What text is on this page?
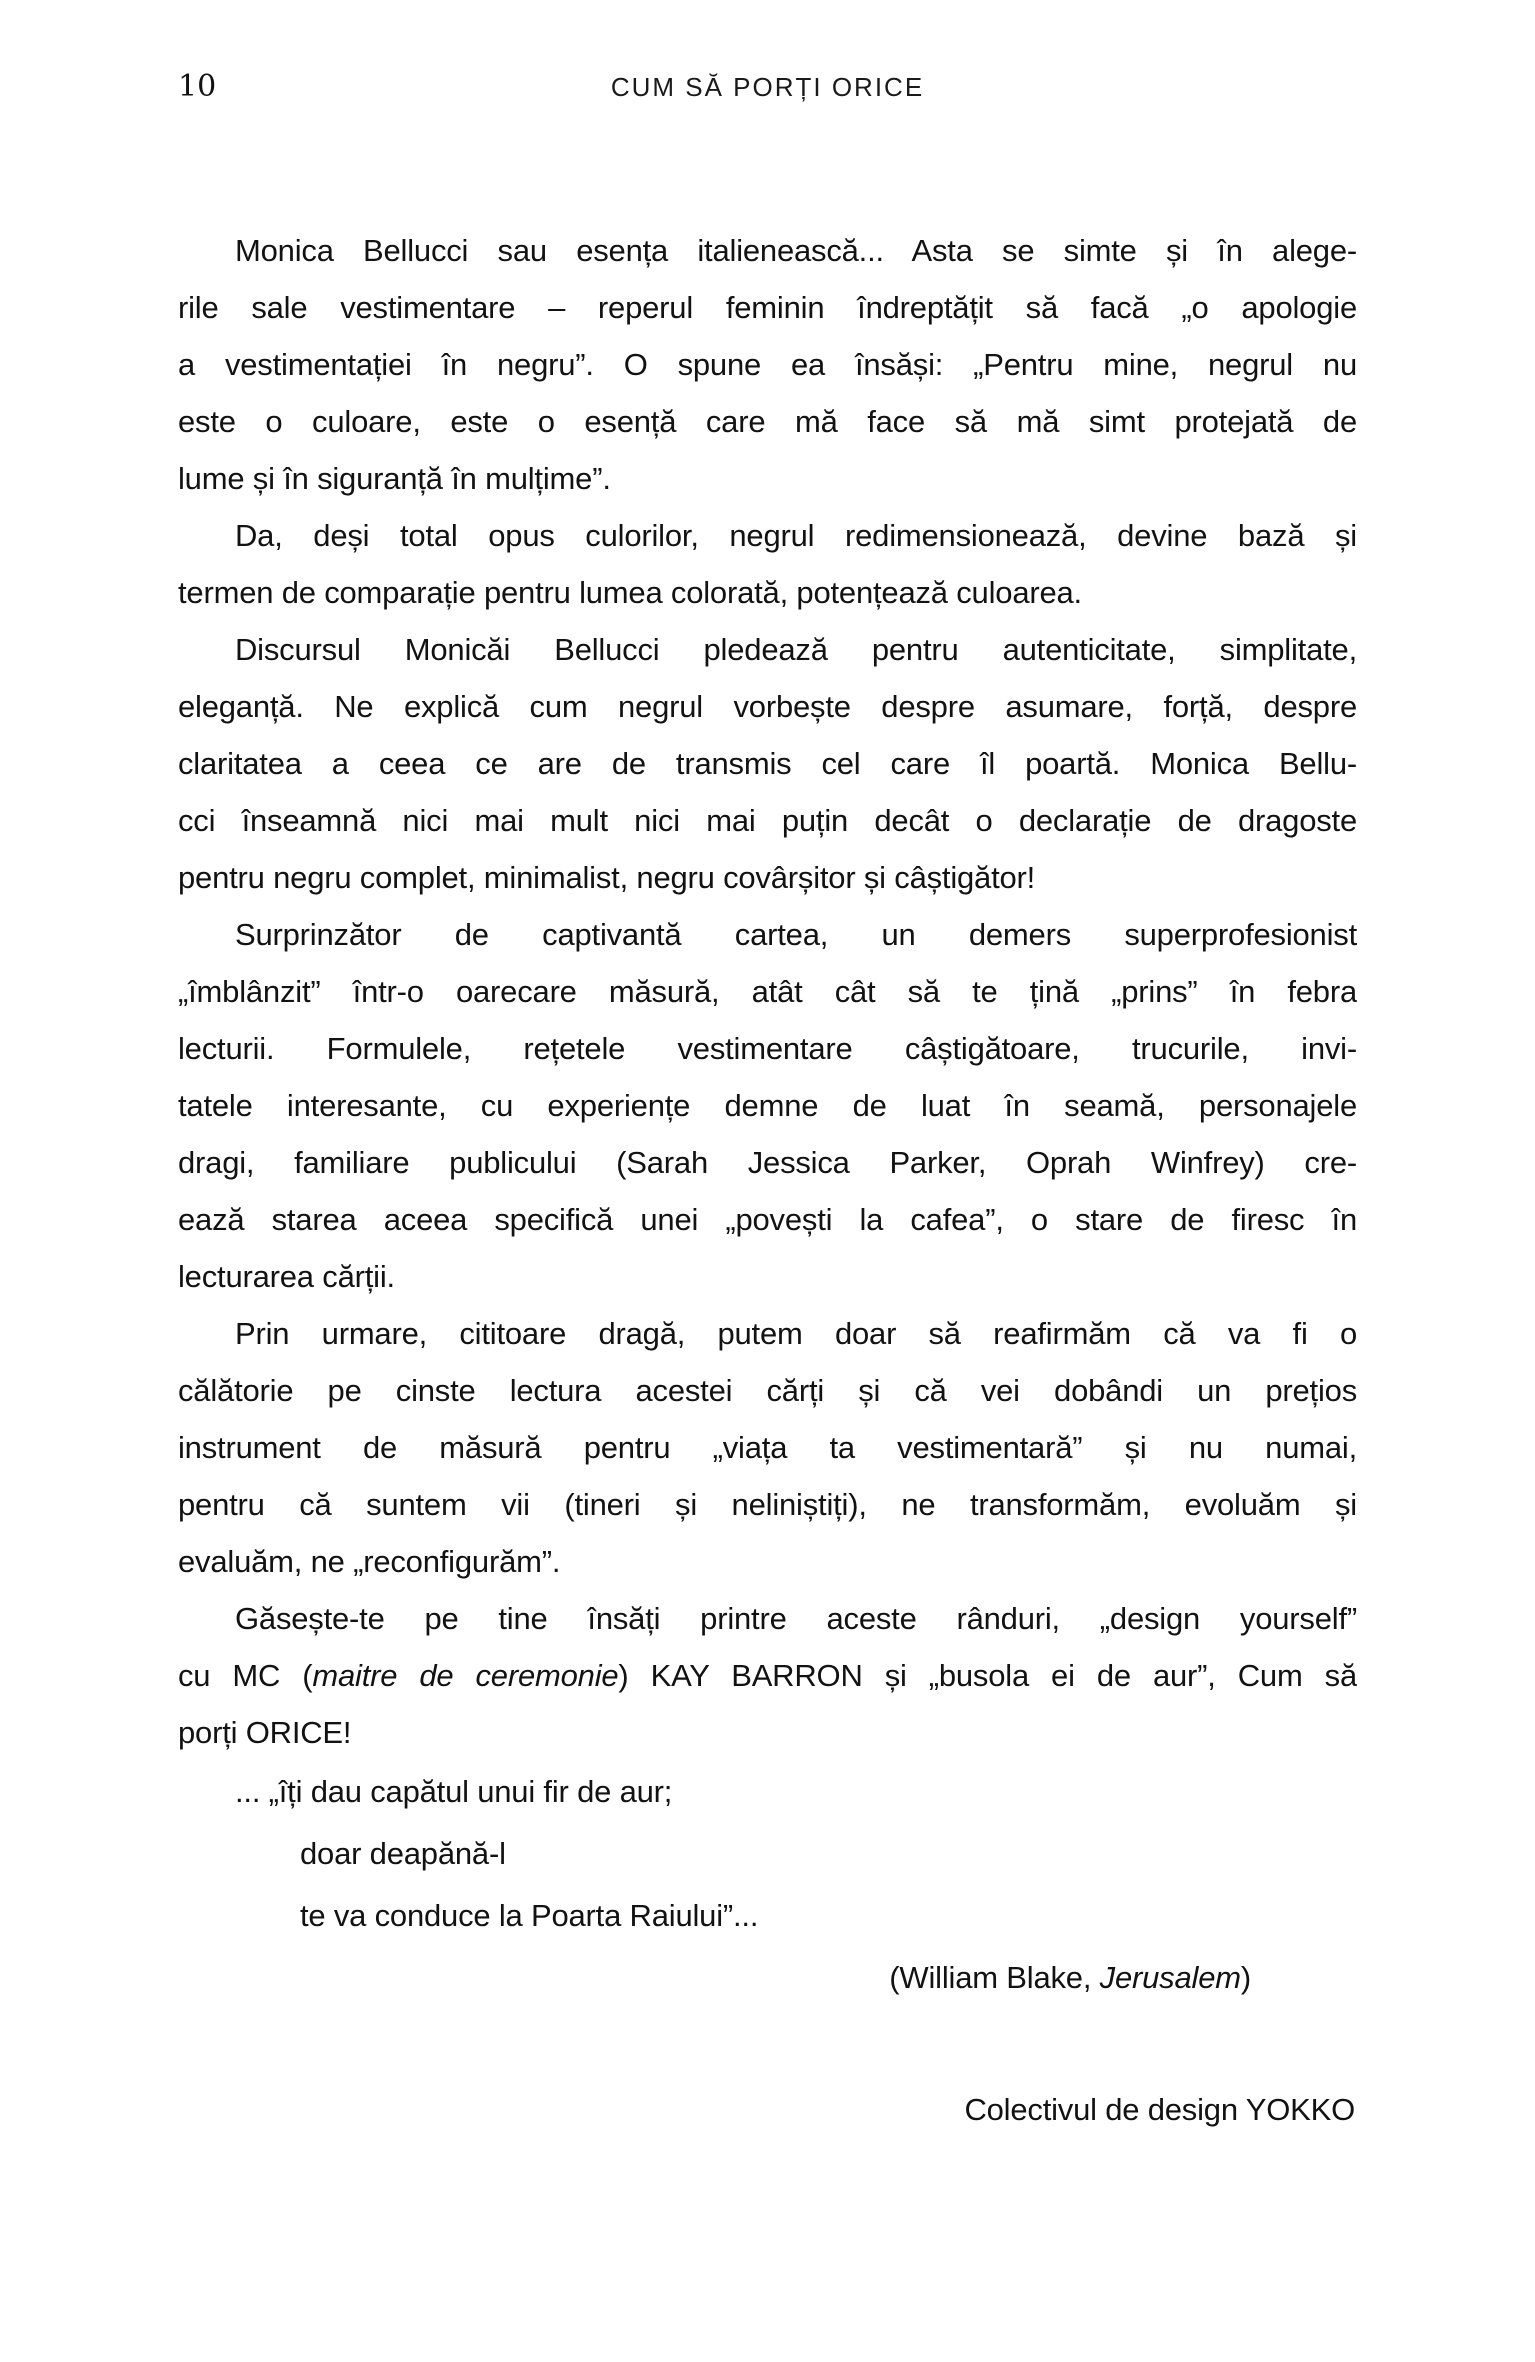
10	CUM SĂ PORȚI ORICE
Monica Bellucci sau esența italienească... Asta se simte și în alege-
rile sale vestimentare – reperul feminin îndreptățit să facă „o apologie
a vestimentației în negru”. O spune ea însăși: „Pentru mine, negrul nu
este o culoare, este o esență care mă face să mă simt protejată de
lume și în siguranță în mulțime”.
Da, deși total opus culorilor, negrul redimensionează, devine bază și
termen de comparație pentru lumea colorată, potențează culoarea.
Discursul Monicăi Bellucci pledează pentru autenticitate, simplitate,
eleganță. Ne explică cum negrul vorbește despre asumare, forță, despre
claritatea a ceea ce are de transmis cel care îl poartă. Monica Bellu-
cci înseamnă nici mai mult nici mai puțin decât o declarație de dragoste
pentru negru complet, minimalist, negru covârșitor și câștigător!
Surprinzător de captivantă cartea, un demers superprofesionist
„îmblânzit” într-o oarecare măsură, atât cât să te țină „prins” în febra
lecturii. Formulele, rețetele vestimentare câștigătoare, trucurile, invi-
tatele interesante, cu experiențe demne de luat în seamă, personajele
dragi, familiare publicului (Sarah Jessica Parker, Oprah Winfrey) cre-
ează starea aceea specifică unei „povești la cafea”, o stare de firesc în
lecturarea cărții.
Prin urmare, cititoare dragă, putem doar să reafirmăm că va fi o
călătorie pe cinste lectura acestei cărți și că vei dobândi un prețios
instrument de măsură pentru „viața ta vestimentară” și nu numai,
pentru că suntem vii (tineri și neliniștiți), ne transformăm, evoluăm și
evaluăm, ne „reconfigurăm”.
Găsește-te pe tine însăți printre aceste rânduri, „design yourself”
cu MC (maitre de ceremonie) KAY BARRON și „busola ei de aur”, Cum să
porți ORICE!
... „îți dau capătul unui fir de aur;
doar deapănă-l
te va conduce la Poarta Raiului”...
(William Blake, Jerusalem)
Colectivul de design YOKKO
